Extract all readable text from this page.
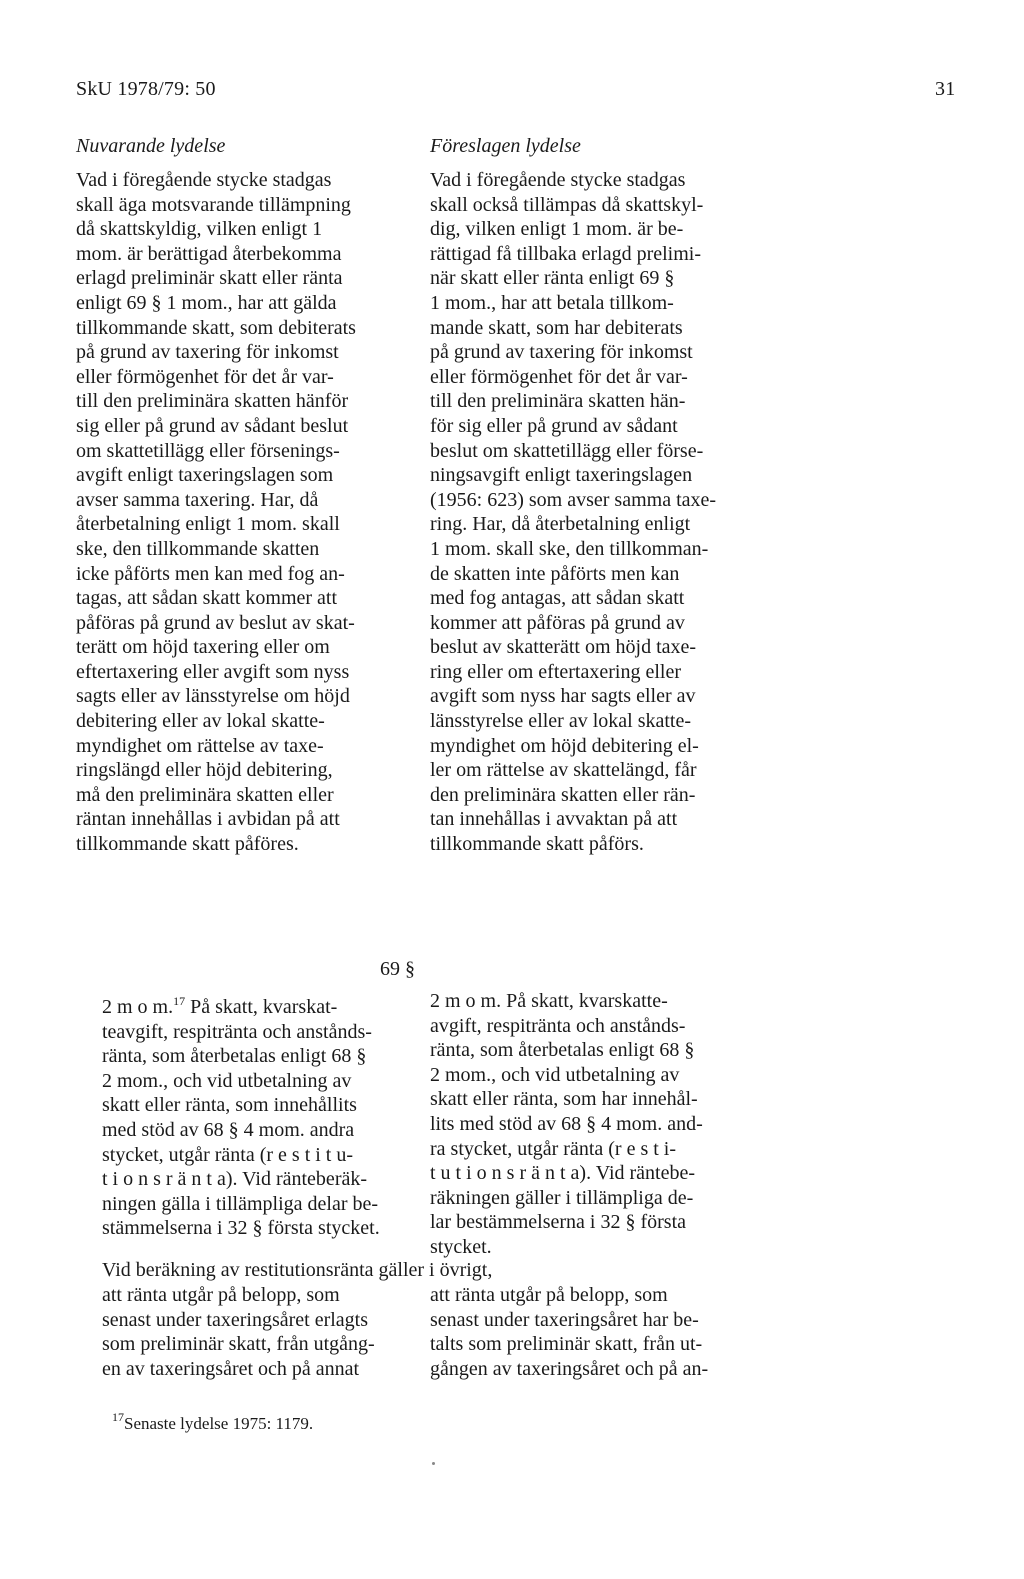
SkU 1978/79: 50	31
Nuvarande lydelse	Föreslagen lydelse
Vad i föregående stycke stadgas
skall äga motsvarande tillämpning
då skattskyldig, vilken enligt 1
mom. är berättigad återbekomma
erlagd preliminär skatt eller ränta
enligt 69 § 1 mom., har att gälda
tillkommande skatt, som debiterats
på grund av taxering för inkomst
eller förmögenhet för det år var-
till den preliminära skatten hänför
sig eller på grund av sådant beslut
om skattetillägg eller försenings-
avgift enligt taxeringslagen som
avser samma taxering. Har, då
återbetalning enligt 1 mom. skall
ske, den tillkommande skatten
icke påförts men kan med fog an-
tagas, att sådan skatt kommer att
påföras på grund av beslut av skat-
terätt om höjd taxering eller om
eftertaxering eller avgift som nyss
sagts eller av länsstyrelse om höjd
debitering eller av lokal skatte-
myndighet om rättelse av taxe-
ringslängd eller höjd debitering,
må den preliminära skatten eller
räntan innehållas i avbidan på att
tillkommande skatt påföres.
Vad i föregående stycke stadgas
skall också tillämpas då skattskyl-
dig, vilken enligt 1 mom. är be-
rättigad få tillbaka erlagd prelimi-
när skatt eller ränta enligt 69 §
1 mom., har att betala tillkom-
mande skatt, som har debiterats
på grund av taxering för inkomst
eller förmögenhet för det år var-
till den preliminära skatten hän-
för sig eller på grund av sådant
beslut om skattetillägg eller förse-
ningsavgift enligt taxeringslagen
(1956: 623) som avser samma taxe-
ring. Har, då återbetalning enligt
1 mom. skall ske, den tillkomman-
de skatten inte påförts men kan
med fog antagas, att sådan skatt
kommer att påföras på grund av
beslut av skatterätt om höjd taxe-
ring eller om eftertaxering eller
avgift som nyss har sagts eller av
länsstyrelse eller av lokal skatte-
myndighet om höjd debitering el-
ler om rättelse av skattelängd, får
den preliminära skatten eller rän-
tan innehållas i avvaktan på att
tillkommande skatt påförs.
69 §
2 m o m.$^{17}$ På skatt, kvarskat-
teavgift, respitränta och anstånds-
ränta, som återbetalas enligt 68 §
2 mom., och vid utbetalning av
skatt eller ränta, som innehållits
med stöd av 68 § 4 mom. andra
stycket, utgår ränta (r e s t i t u-
t i o n s r ä n t a). Vid ränteberäk-
ningen gälla i tillämpliga delar be-
stämmelserna i 32 § första stycket.
2 m o m. På skatt, kvarskatte-
avgift, respitränta och anstånds-
ränta, som återbetalas enligt 68 §
2 mom., och vid utbetalning av
skatt eller ränta, som har innehål-
lits med stöd av 68 § 4 mom. and-
ra stycket, utgår ränta (r e s t i-
t u t i o n s r ä n t a). Vid räntebe-
räkningen gäller i tillämpliga de-
lar bestämmelserna i 32 § första
stycket.
Vid beräkning av restitutionsränta gäller i övrigt,
att ränta utgår på belopp, som
senast under taxeringsåret erlagts
som preliminär skatt, från utgång-
en av taxeringsåret och på annat
att ränta utgår på belopp, som
senast under taxeringsåret har be-
talts som preliminär skatt, från ut-
gången av taxeringsåret och på an-
$^{17}$Senaste lydelse 1975: 1179.
